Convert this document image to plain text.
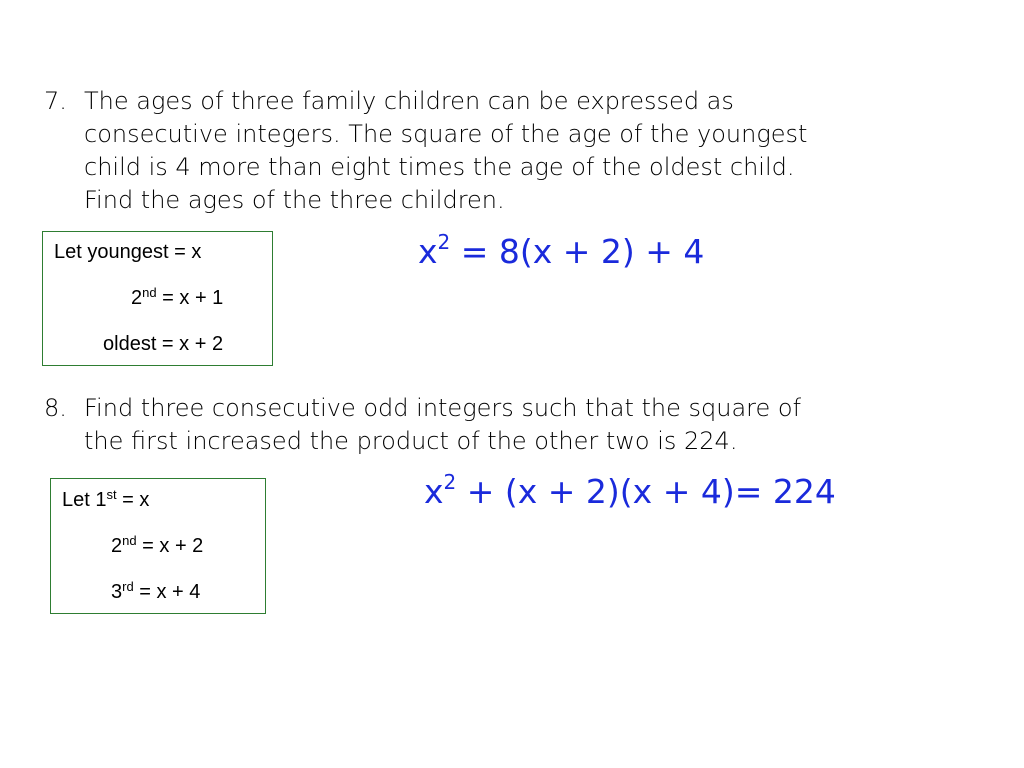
7. The ages of three family children can be expressed as
consecutive integers. The square of the age of the youngest
child is 4 more than eight times the age of the oldest child.
Find the ages of the three children.
Let youngest = x
2nd = x + 1
oldest = x + 2
$x^2 = 8(x + 2) + 4$
8. Find three consecutive odd integers such that the square of
the first increased the product of the other two is 224.
Let 1st = x
2nd = x + 2
3rd = x + 4
$x^2 + (x + 2)(x + 4)= 224$
